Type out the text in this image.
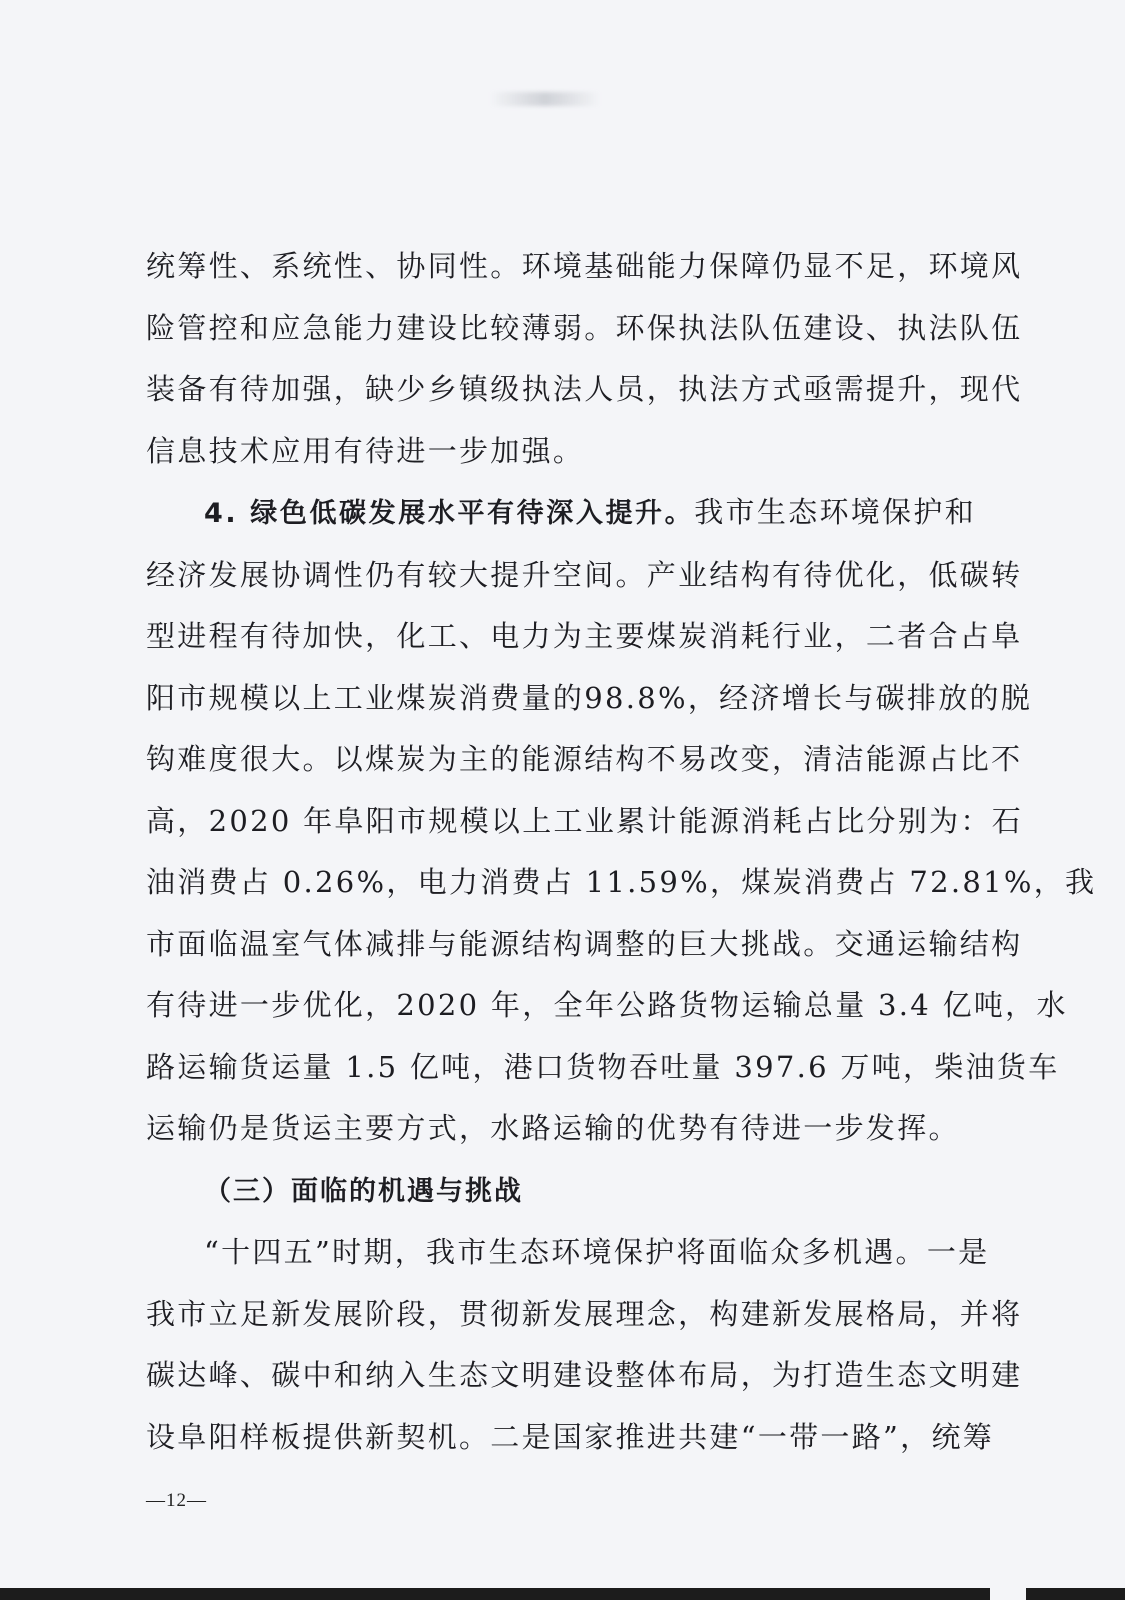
统筹性、系统性、协同性。环境基础能力保障仍显不足，环境风
险管控和应急能力建设比较薄弱。环保执法队伍建设、执法队伍
装备有待加强，缺少乡镇级执法人员，执法方式亟需提升，现代
信息技术应用有待进一步加强。
4. 绿色低碳发展水平有待深入提升。我市生态环境保护和
经济发展协调性仍有较大提升空间。产业结构有待优化，低碳转
型进程有待加快，化工、电力为主要煤炭消耗行业，二者合占阜
阳市规模以上工业煤炭消费量的98.8%，经济增长与碳排放的脱
钩难度很大。以煤炭为主的能源结构不易改变，清洁能源占比不
高，2020 年阜阳市规模以上工业累计能源消耗占比分别为：石
油消费占 0.26%，电力消费占 11.59%，煤炭消费占 72.81%，我
市面临温室气体减排与能源结构调整的巨大挑战。交通运输结构
有待进一步优化，2020 年，全年公路货物运输总量 3.4 亿吨，水
路运输货运量 1.5 亿吨，港口货物吞吐量 397.6 万吨，柴油货车
运输仍是货运主要方式，水路运输的优势有待进一步发挥。
（三）面临的机遇与挑战
“十四五”时期，我市生态环境保护将面临众多机遇。一是
我市立足新发展阶段，贯彻新发展理念，构建新发展格局，并将
碳达峰、碳中和纳入生态文明建设整体布局，为打造生态文明建
设阜阳样板提供新契机。二是国家推进共建“一带一路”，统筹
—12—
